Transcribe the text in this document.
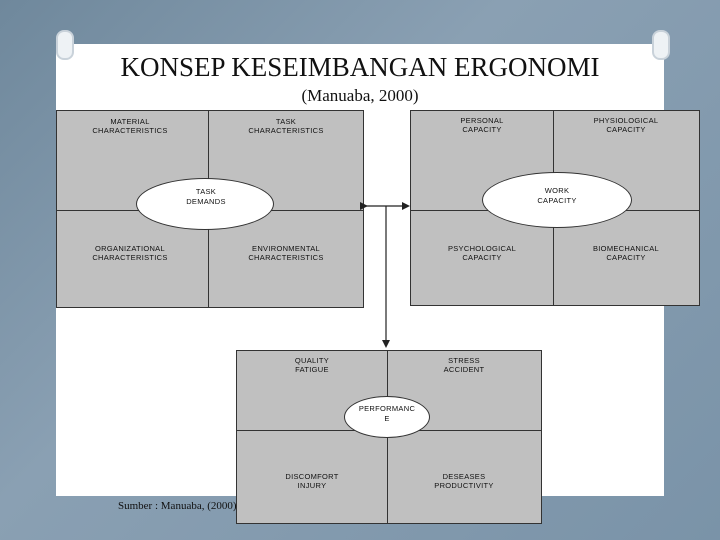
KONSEP KESEIMBANGAN ERGONOMI
(Manuaba, 2000)
MATERIAL
CHARACTERISTICS
TASK
CHARACTERISTICS
ORGANIZATIONAL
CHARACTERISTICS
ENVIRONMENTAL
CHARACTERISTICS
TASK
DEMANDS
PERSONAL
CAPACITY
PHYSIOLOGICAL
CAPACITY
PSYCHOLOGICAL
CAPACITY
BIOMECHANICAL
CAPACITY
WORK
CAPACITY
QUALITY
FATIGUE
STRESS
ACCIDENT
DISCOMFORT
INJURY
DESEASES
PRODUCTIVITY
PERFORMANC
E
Sumber : Manuaba, (2000)
